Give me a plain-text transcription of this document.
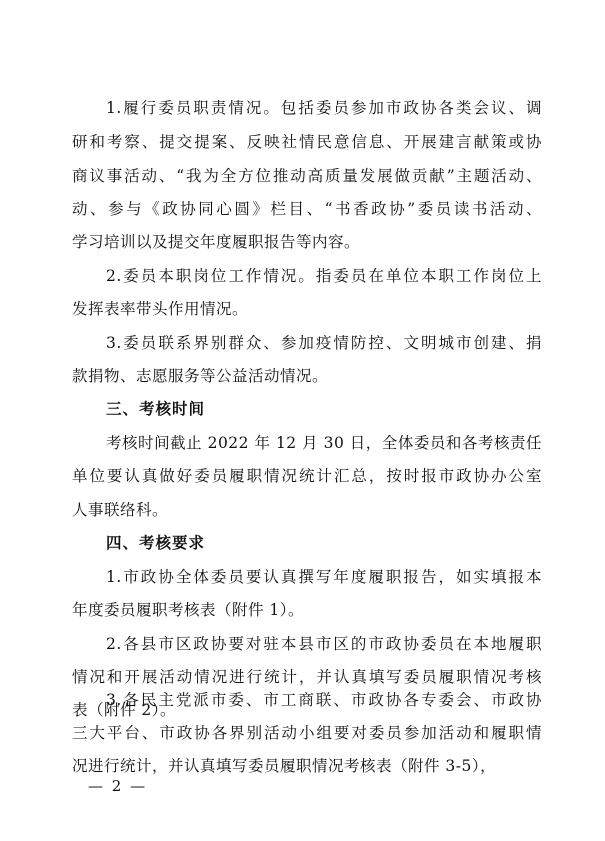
1.履行委员职责情况。包括委员参加市政协各类会议、调
研和考察、提交提案、反映社情民意信息、开展建言献策或协
商议事活动、“我为全方位推动高质量发展做贡献”主题活动、
动、参与《政协同心圆》栏目、“书香政协”委员读书活动、
学习培训以及提交年度履职报告等内容。
2.委员本职岗位工作情况。指委员在单位本职工作岗位上
发挥表率带头作用情况。
3.委员联系界别群众、参加疫情防控、文明城市创建、捐
款捐物、志愿服务等公益活动情况。
三、考核时间
考核时间截止 2022 年 12 月 30 日，全体委员和各考核责任
单位要认真做好委员履职情况统计汇总，按时报市政协办公室
人事联络科。
四、考核要求
1.市政协全体委员要认真撰写年度履职报告，如实填报本
年度委员履职考核表（附件 1）。
2.各县市区政协要对驻本县市区的市政协委员在本地履职
情况和开展活动情况进行统计，并认真填写委员履职情况考核
表（附件 2）。
3.各民主党派市委、市工商联、市政协各专委会、市政协
— 2 —
三大平台、市政协各界别活动小组要对委员参加活动和履职情
况进行统计，并认真填写委员履职情况考核表（附件 3-5），
